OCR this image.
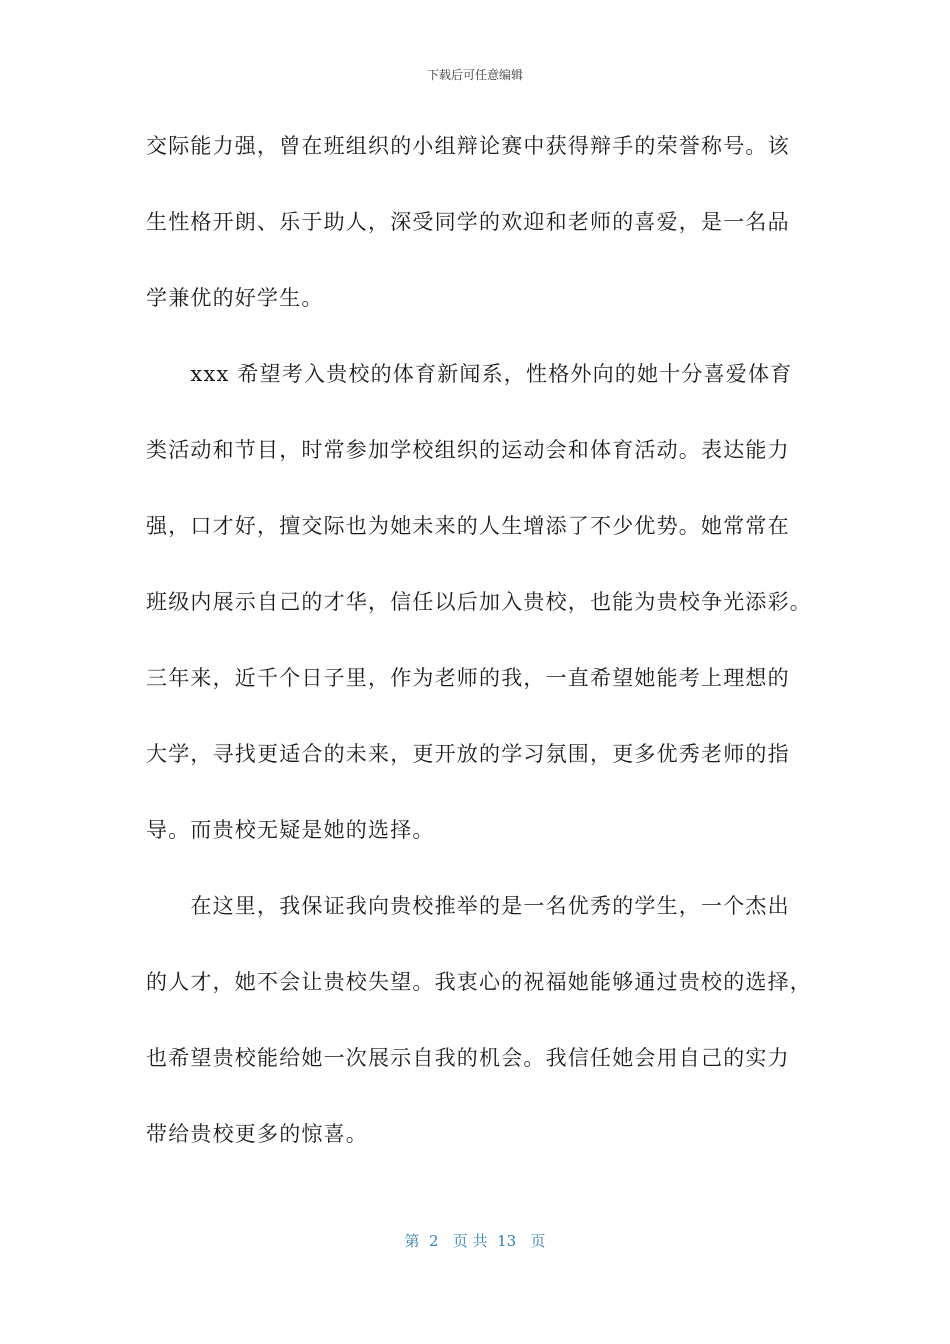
下载后可任意编辑
交际能力强，曾在班组织的小组辩论赛中获得辩手的荣誉称号。该
生性格开朗、乐于助人，深受同学的欢迎和老师的喜爱，是一名品
学兼优的好学生。
　　xxx 希望考入贵校的体育新闻系，性格外向的她十分喜爱体育
类活动和节目，时常参加学校组织的运动会和体育活动。表达能力
强，口才好，擅交际也为她未来的人生增添了不少优势。她常常在
班级内展示自己的才华，信任以后加入贵校，也能为贵校争光添彩。
三年来，近千个日子里，作为老师的我，一直希望她能考上理想的
大学，寻找更适合的未来，更开放的学习氛围，更多优秀老师的指
导。而贵校无疑是她的选择。
　　在这里，我保证我向贵校推举的是一名优秀的学生，一个杰出
的人才，她不会让贵校失望。我衷心的祝福她能够通过贵校的选择，
也希望贵校能给她一次展示自我的机会。我信任她会用自己的实力
带给贵校更多的惊喜。
第  2   页 共  13   页
